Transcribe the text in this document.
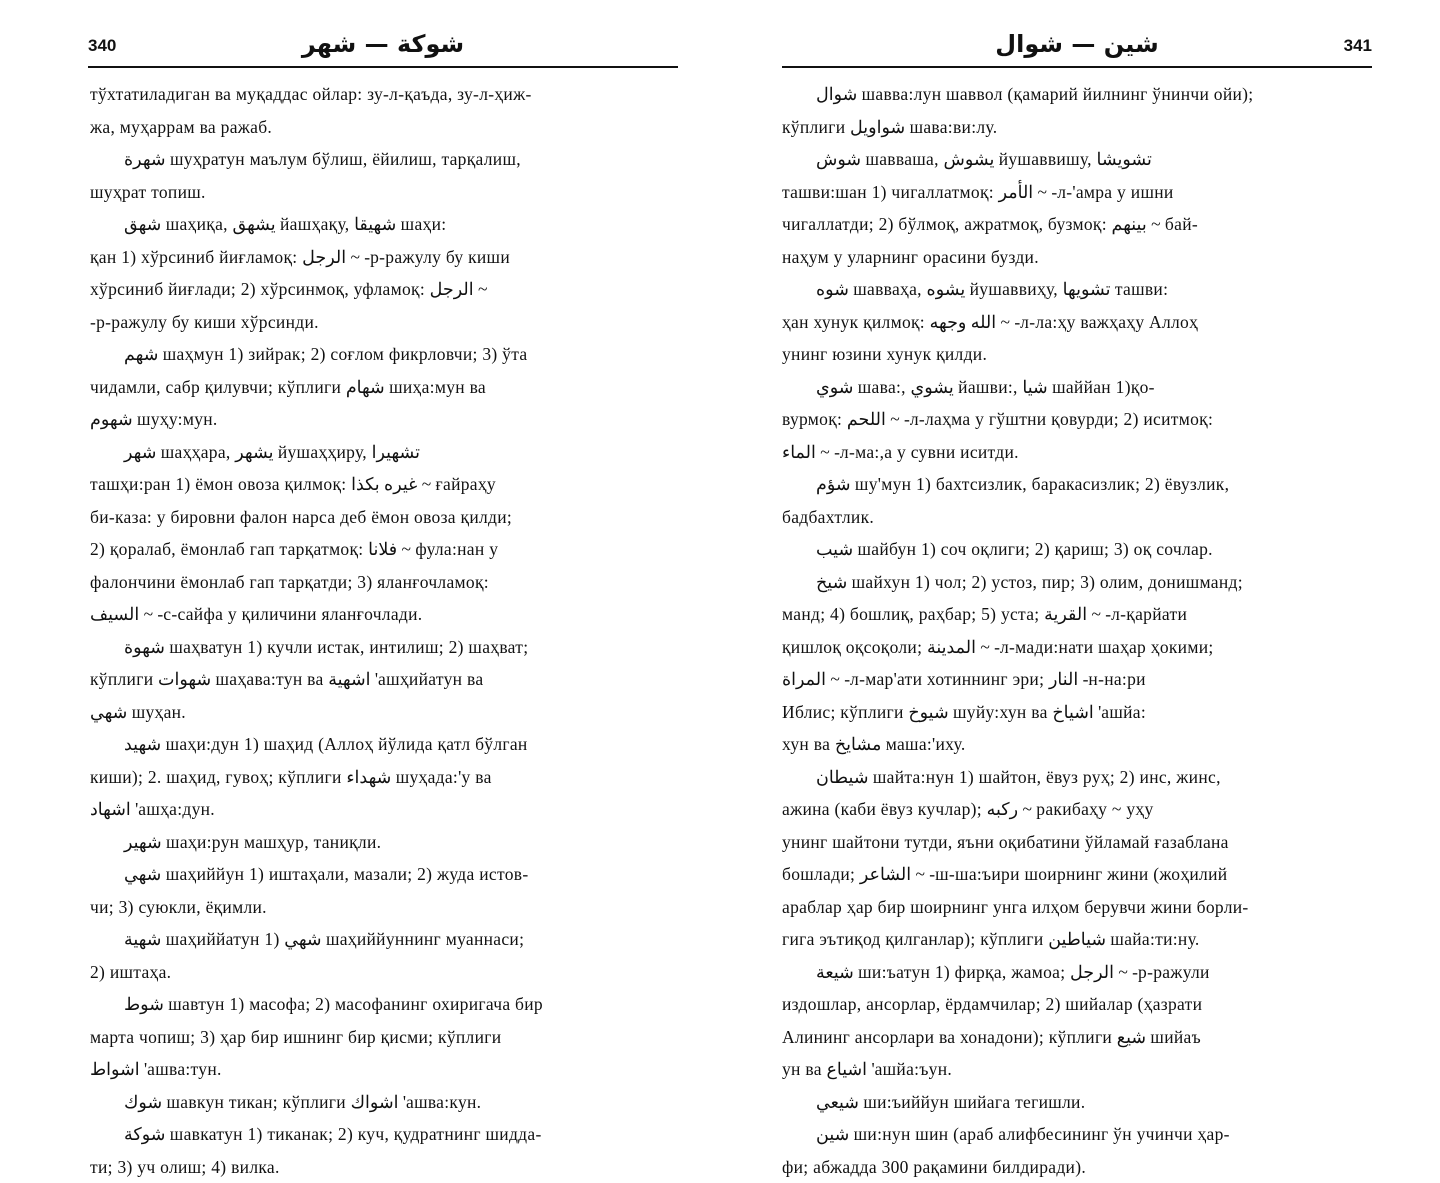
340	شوكة — شهر
тўхтатиладиган ва муқаддас ойлар: зу-л-қаъда, зу-л-ҳиж-
жа, муҳаррам ва ражаб.
شهرة шуҳратун маълум бўлиш, ёйилиш, тарқалиш,
шуҳрат топиш.
شهق шаҳиқа, يشهق йашҳақу, شهيقا шаҳи:
қан 1) хўрсиниб йиғламоқ: الرجل ~ -р-ражулу бу киши
хўрсиниб йиғлади; 2) хўрсинмоқ, уфламоқ: الرجل ~
-р-ражулу бу киши хўрсинди.
شهم шаҳмун 1) зийрак; 2) соғлом фикрловчи; 3) ўта
чидамли, сабр қилувчи; кўплиги شهام шиҳа:мун ва
شهوم шуҳу:мун.
شهر шаҳҳара, يشهر йушаҳҳиру, تشهيرا
ташҳи:ран 1) ёмон овоза қилмоқ: غيره بكذا ~ ғайраҳу
би-каза: у бировни фалон нарса деб ёмон овоза қилди;
2) қоралаб, ёмонлаб гап тарқатмоқ: فلانا ~ фула:нан у
фалончини ёмонлаб гап тарқатди; 3) яланғочламоқ:
السيف ~ -с-сайфа у қиличини яланғочлади.
شهوة шаҳватун 1) кучли истак, интилиш; 2) шаҳват;
кўплиги شهوات шаҳава:тун ва اشهية 'ашҳийатун ва
شهي шуҳан.
شهيد шаҳи:дун 1) шаҳид (Аллоҳ йўлида қатл бўлган
киши); 2. шаҳид, гувоҳ; кўплиги شهداء шуҳада:'у ва
اشهاد 'ашҳа:дун.
شهير шаҳи:рун машҳур, таниқли.
شهي шаҳиййун 1) иштаҳали, мазали; 2) жуда истов-
чи; 3) суюкли, ёқимли.
شهية шаҳиййатун 1) شهي шаҳиййуннинг муаннаси;
2) иштаҳа.
شوط шавтун 1) масофа; 2) масофанинг охиригача бир
марта чопиш; 3) ҳар бир ишнинг бир қисми; кўплиги
اشواط 'ашва:тун.
شوك шавкун тикан; кўплиги اشواك 'ашва:кун.
شوكة шавкатун 1) тиканак; 2) куч, қудратнинг шидда-
ти; 3) уч олиш; 4) вилка.
شين — شوال	341
شوال шавва:лун шаввол (қамарий йилнинг ўнинчи ойи);
кўплиги شواويل шава:ви:лу.
شوش шавваша, يشوش йушаввишу, تشويشا
ташви:шан 1) чигаллатмоқ: الأمر ~ -л-'амра у ишни
чигаллатди; 2) бўлмоқ, ажратмоқ, бузмоқ: بينهم ~ бай-
наҳум у уларнинг орасини бузди.
شوه шавваҳа, يشوه йушаввиҳу, تشويها ташви:
ҳан хунук қилмоқ: الله وجهه ~ -л-ла:ҳу важҳаҳу Аллоҳ
унинг юзини хунук қилди.
شوي шава:, يشوي йашви:, شيا шаййан 1)қо-
вурмоқ: اللحم ~ -л-лаҳма у гўштни қовурди; 2) иситмоқ:
الماء ~ -л-ма:,а у сувни иситди.
شؤم шу'мун 1) бахтсизлик, баракасизлик; 2) ёвузлик,
бадбахтлик.
شيب шайбун 1) соч оқлиги; 2) қариш; 3) оқ сочлар.
شيخ шайхун 1) чол; 2) устоз, пир; 3) олим, донишманд;
манд; 4) бошлиқ, раҳбар; 5) уста; القرية ~ -л-қарйати
қишлоқ оқсоқоли; المدينة ~ -л-мади:нати шаҳар ҳокими;
المراة ~ -л-мар'ати хотиннинг эри; النار -н-на:ри
Иблис; кўплиги شيوخ шуйу:хун ва اشياخ 'ашйа:
хун ва مشايخ маша:'иху.
شيطان шайта:нун 1) шайтон, ёвуз руҳ; 2) инс, жинс,
ажина (каби ёвуз кучлар); ركبه ~ ракибаҳу ~ уҳу
унинг шайтони тутди, яъни оқибатини ўйламай ғазаблана
бошлади; الشاعر ~ -ш-ша:ъири шоирнинг жини (жоҳилий
араблар ҳар бир шоирнинг унга илҳом берувчи жини борли-
гига эътиқод қилганлар); кўплиги شياطين шайа:ти:ну.
شيعة ши:ъатун 1) фирқа, жамоа; الرجل ~ -р-ражули
издошлар, ансорлар, ёрдамчилар; 2) шийалар (ҳазрати
Алининг ансорлари ва хонадони); кўплиги شيع шийаъ
ун ва اشياع 'ашйа:ъун.
شيعي ши:ъиййун шийага тегишли.
شين ши:нун шин (араб алифбесининг ўн учинчи ҳар-
фи; абжадда 300 рақамини билдиради).
